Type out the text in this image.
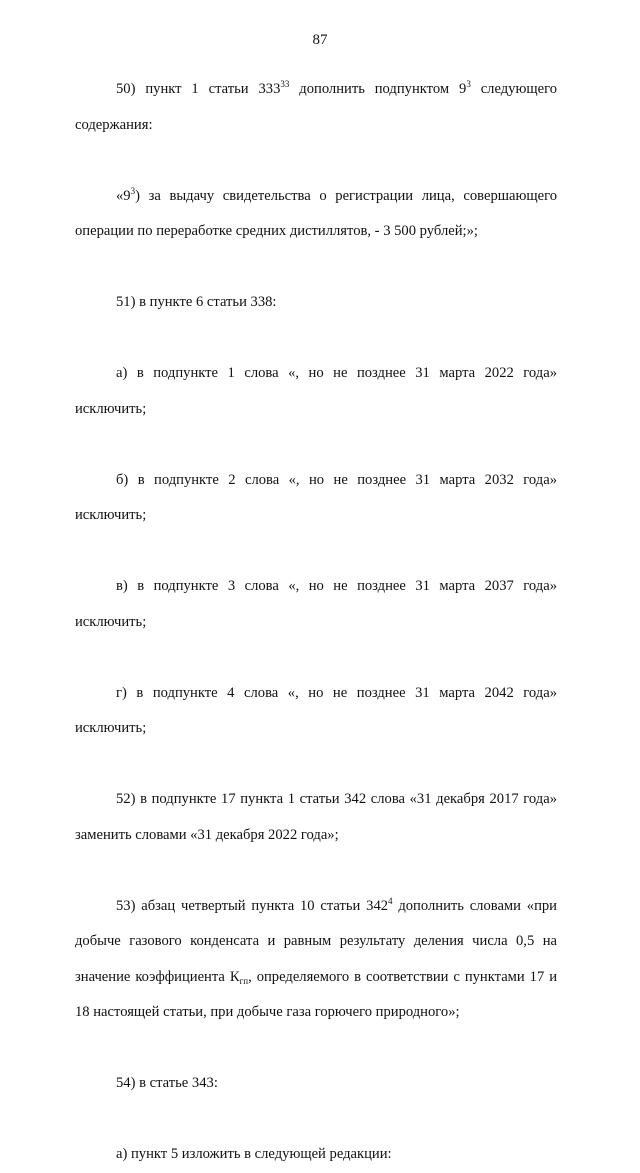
87

50) пункт 1 статьи $333^{33}$ дополнить подпунктом $9^3$ следующего

содержания:

«$9^3$) за выдачу свидетельства о регистрации лица, совершающего

операции по переработке средних дистиллятов, - 3 500 рублей;»;

51) в пункте 6 статьи 338:

а) в подпункте 1 слова «, но не позднее 31 марта 2022 года»

исключить;

б) в подпункте 2 слова «, но не позднее 31 марта 2032 года»

исключить;

в) в подпункте 3 слова «, но не позднее 31 марта 2037 года»

исключить;

г) в подпункте 4 слова «, но не позднее 31 марта 2042 года»

исключить;

52) в подпункте 17 пункта 1 статьи 342 слова «31 декабря 2017 года»

заменить словами «31 декабря 2022 года»;

53) абзац четвертый пункта 10 статьи $342^4$ дополнить словами «при

добыче газового конденсата и равным результату деления числа 0,5 на

значение коэффициента $К_{гп}$, определяемого в соответствии с пунктами 17 и

18 настоящей статьи, при добыче газа горючего природного»;

54) в статье 343:

а) пункт 5 изложить в следующей редакции:
